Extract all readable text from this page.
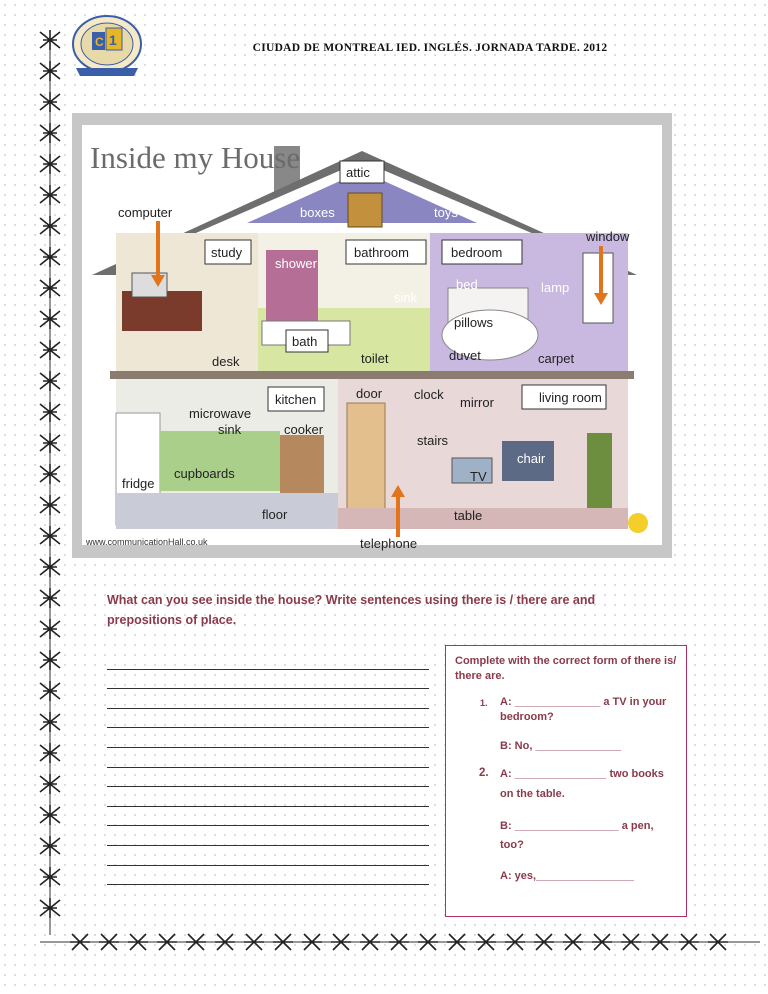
C 1	CIUDAD DE MONTREAL IED. INGLÉS. JORNADA TARDE. 2012
Inside my House	attic
boxes	toys
computer
window
study
shower
bathroom	bedroom
bed	lamp
sink
pillows
bath
desk	toilet	duvet	carpet
kitchen	door clock
mirror	living room
microwave
sink	cooker
stairs
chair
fridge
cupboards	TV
floor	table
telephone
www.communicationHall.co.uk
What can you see inside the house? Write sentences using there is / there are and prepositions of place.
Complete with the correct form of there is/ there are.
1. A: ______________ a TV in your
bedroom?
B: No, ______________
2. A: _______________ two books
on the table.
B: _________________ a pen,
too?
A: yes,________________
